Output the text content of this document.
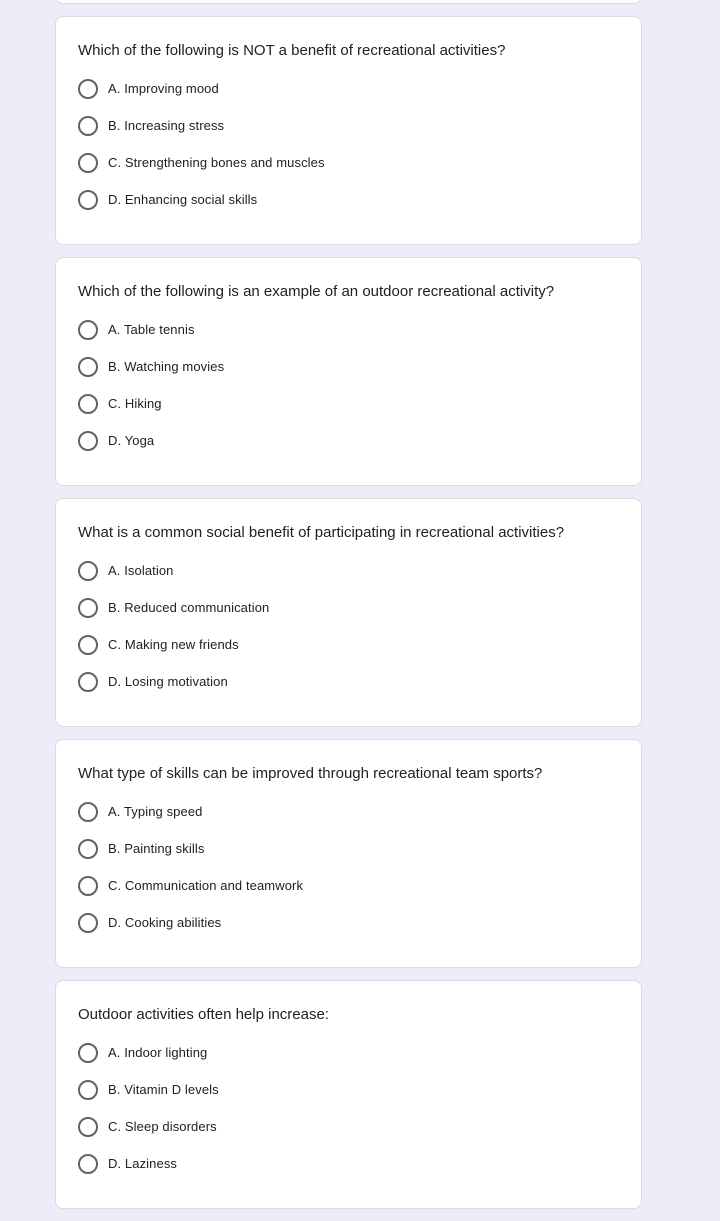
Which of the following is NOT a benefit of recreational activities?
A. Improving mood
B. Increasing stress
C. Strengthening bones and muscles
D. Enhancing social skills
Which of the following is an example of an outdoor recreational activity?
A. Table tennis
B. Watching movies
C. Hiking
D. Yoga
What is a common social benefit of participating in recreational activities?
A. Isolation
B. Reduced communication
C. Making new friends
D. Losing motivation
What type of skills can be improved through recreational team sports?
A. Typing speed
B. Painting skills
C. Communication and teamwork
D. Cooking abilities
Outdoor activities often help increase:
A. Indoor lighting
B. Vitamin D levels
C. Sleep disorders
D. Laziness
